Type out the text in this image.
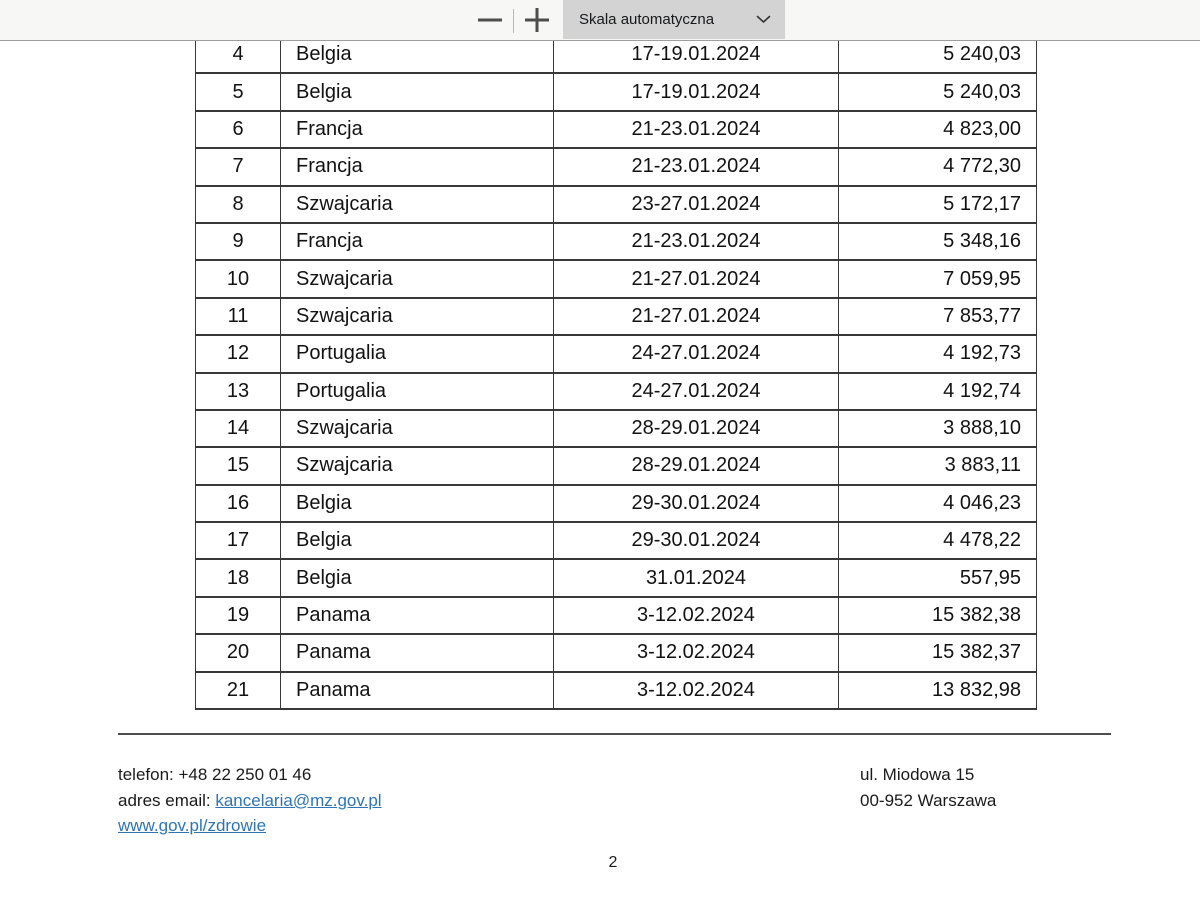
Skala automatyczna
4	Belgia	17-19.01.2024	5 240,03
5	Belgia	17-19.01.2024	5 240,03
6	Francja	21-23.01.2024	4 823,00
7	Francja	21-23.01.2024	4 772,30
8	Szwajcaria	23-27.01.2024	5 172,17
9	Francja	21-23.01.2024	5 348,16
10	Szwajcaria	21-27.01.2024	7 059,95
11	Szwajcaria	21-27.01.2024	7 853,77
12	Portugalia	24-27.01.2024	4 192,73
13	Portugalia	24-27.01.2024	4 192,74
14	Szwajcaria	28-29.01.2024	3 888,10
15	Szwajcaria	28-29.01.2024	3 883,11
16	Belgia	29-30.01.2024	4 046,23
17	Belgia	29-30.01.2024	4 478,22
18	Belgia	31.01.2024	557,95
19	Panama	3-12.02.2024	15 382,38
20	Panama	3-12.02.2024	15 382,37
21	Panama	3-12.02.2024	13 832,98
telefon: +48 22 250 01 46
adres email: kancelaria@mz.gov.pl
www.gov.pl/zdrowie
ul. Miodowa 15
00-952 Warszawa
2
